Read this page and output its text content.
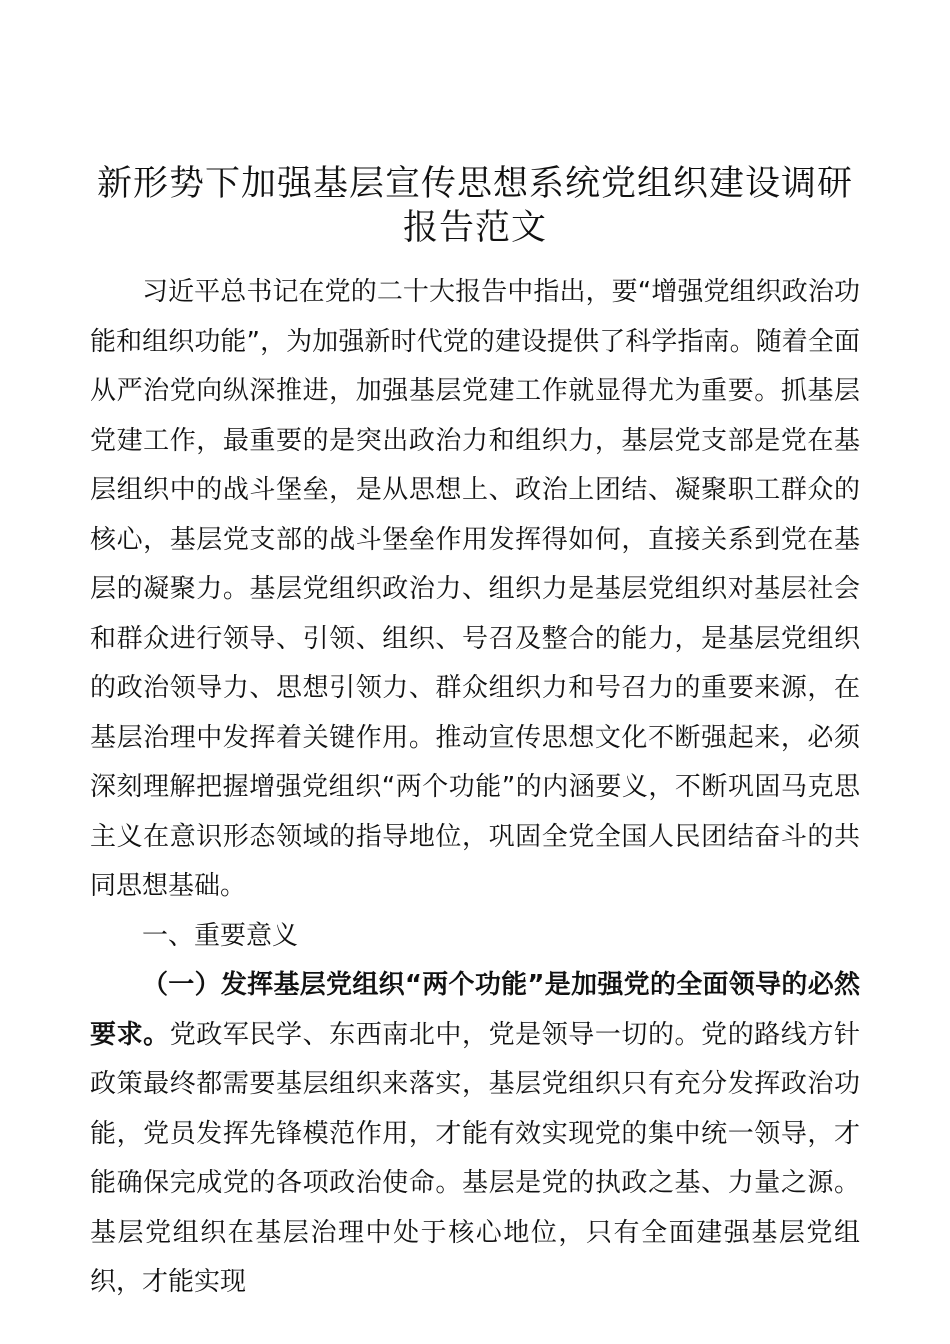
新形势下加强基层宣传思想系统党组织建设调研报告范文

习近平总书记在党的二十大报告中指出，要“增强党组织政治功能和组织功能”，为加强新时代党的建设提供了科学指南。随着全面从严治党向纵深推进，加强基层党建工作就显得尤为重要。抓基层党建工作，最重要的是突出政治力和组织力，基层党支部是党在基层组织中的战斗堡垒，是从思想上、政治上团结、凝聚职工群众的核心，基层党支部的战斗堡垒作用发挥得如何，直接关系到党在基层的凝聚力。基层党组织政治力、组织力是基层党组织对基层社会和群众进行领导、引领、组织、号召及整合的能力，是基层党组织的政治领导力、思想引领力、群众组织力和号召力的重要来源，在基层治理中发挥着关键作用。推动宣传思想文化不断强起来，必须深刻理解把握增强党组织“两个功能”的内涵要义，不断巩固马克思主义在意识形态领域的指导地位，巩固全党全国人民团结奋斗的共同思想基础。

一、重要意义

（一）发挥基层党组织“两个功能”是加强党的全面领导的必然要求。党政军民学、东西南北中，党是领导一切的。党的路线方针政策最终都需要基层组织来落实，基层党组织只有充分发挥政治功能，党员发挥先锋模范作用，才能有效实现党的集中统一领导，才能确保完成党的各项政治使命。基层是党的执政之基、力量之源。基层党组织在基层治理中处于核心地位，只有全面建强基层党组织，才能实现
